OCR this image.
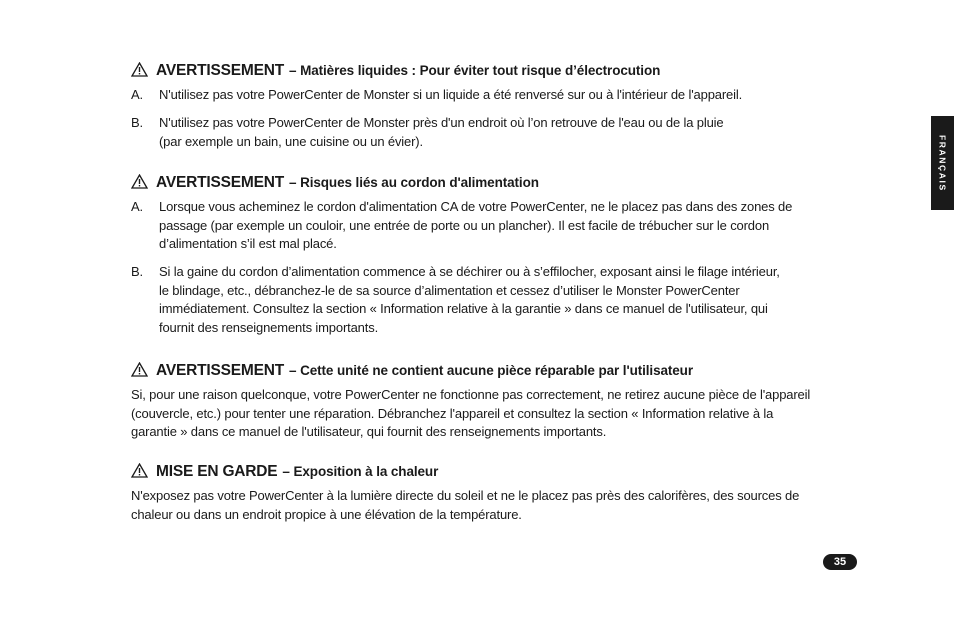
AVERTISSEMENT – Matières liquides : Pour éviter tout risque d’électrocution
A.	N'utilisez pas votre PowerCenter de Monster si un liquide a été renversé sur ou à l'intérieur de l'appareil.
B.	N'utilisez pas votre PowerCenter de Monster près d'un endroit où l’on retrouve de l'eau ou de la pluie
(par exemple un bain, une cuisine ou un évier).
AVERTISSEMENT – Risques liés au cordon d'alimentation
A.	Lorsque vous acheminez le cordon d'alimentation CA de votre PowerCenter, ne le placez pas dans des zones de
passage (par exemple un couloir, une entrée de porte ou un plancher). Il est facile de trébucher sur le cordon
d’alimentation s’il est mal placé.
B.	Si la gaine du cordon d’alimentation commence à se déchirer ou à s’effilocher, exposant ainsi le filage intérieur,
le blindage, etc., débranchez-le de sa source d’alimentation et cessez d’utiliser le Monster PowerCenter
immédiatement. Consultez la section « Information relative à la garantie » dans ce manuel de l'utilisateur, qui
fournit des renseignements importants.
AVERTISSEMENT – Cette unité ne contient aucune pièce réparable par l'utilisateur
Si, pour une raison quelconque, votre PowerCenter ne fonctionne pas correctement, ne retirez aucune pièce de l'appareil
(couvercle, etc.) pour tenter une réparation. Débranchez l'appareil et consultez la section « Information relative à la
garantie » dans ce manuel de l'utilisateur, qui fournit des renseignements importants.
MISE EN GARDE – Exposition à la chaleur
N'exposez pas votre PowerCenter à la lumière directe du soleil et ne le placez pas près des calorifères, des sources de
chaleur ou dans un endroit propice à une élévation de la température.
FRANÇAIS
35
